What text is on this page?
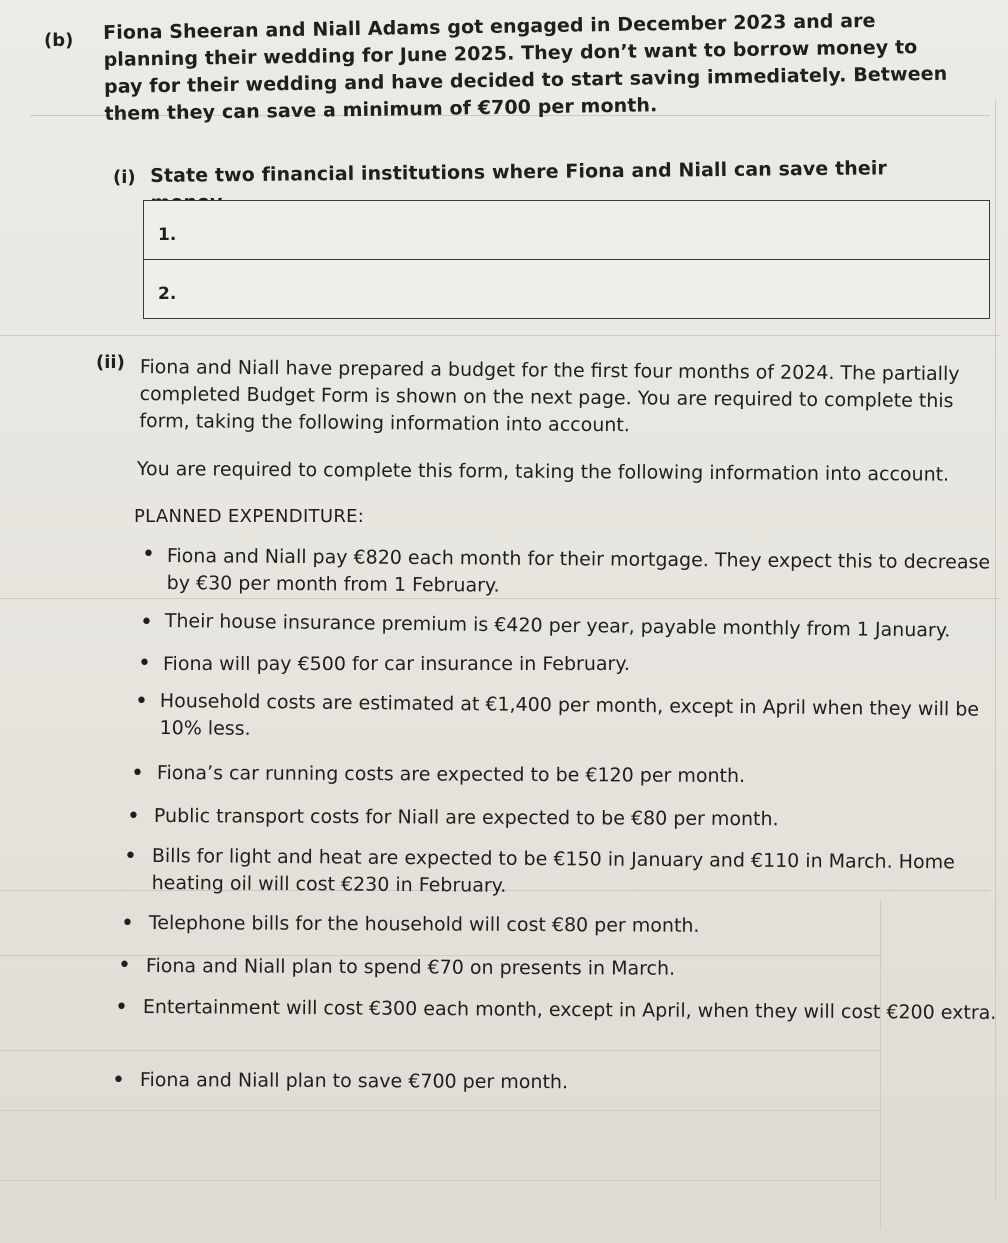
(b) Fiona Sheeran and Niall Adams got engaged in December 2023 and are planning their wedding for June 2025. They don’t want to borrow money to pay for their wedding and have decided to start saving immediately. Between them they can save a minimum of €700 per month.
(i) State two financial institutions where Fiona and Niall can save their
1.
2.
(ii) Fiona and Niall have prepared a budget for the first four months of 2024. The partially completed Budget Form is shown on the next page. You are required to complete this form, taking the following information into account.
You are required to complete this form, taking the following information into account.
PLANNED EXPENDITURE:
• Fiona and Niall pay €820 each month for their mortgage. They expect this to decrease by €30 per month from 1 February.
• Their house insurance premium is €420 per year, payable monthly from 1 January.
• Fiona will pay €500 for car insurance in February.
• Household costs are estimated at €1,400 per month, except in April when they will be 10% less.
• Fiona’s car running costs are expected to be €120 per month.
• Public transport costs for Niall are expected to be €80 per month.
• Bills for light and heat are expected to be €150 in January and €110 in March. Home heating oil will cost €230 in February.
• Telephone bills for the household will cost €80 per month.
• Fiona and Niall plan to spend €70 on presents in March.
• Entertainment will cost €300 each month, except in April, when they will cost €200 extra.
• Fiona and Niall plan to save €700 per month.
